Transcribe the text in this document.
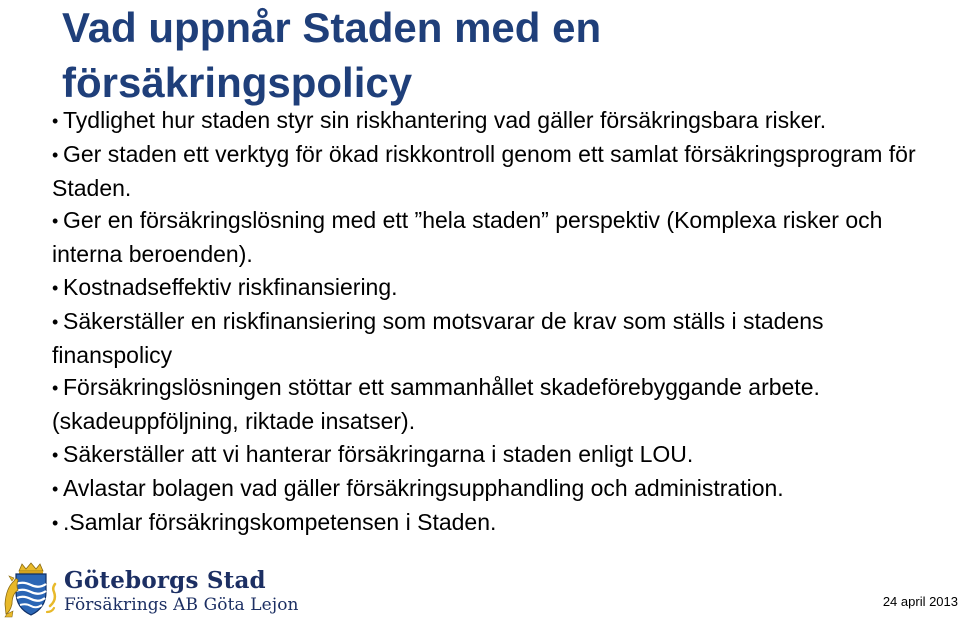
Vad uppnår Staden med en försäkringspolicy
• Tydlighet hur staden styr sin riskhantering vad gäller försäkringsbara risker.
• Ger staden ett verktyg för ökad riskkontroll genom ett samlat försäkringsprogram för Staden.
• Ger en försäkringslösning med ett ”hela staden” perspektiv (Komplexa risker och interna beroenden).
• Kostnadseffektiv riskfinansiering.
• Säkerställer en riskfinansiering som motsvarar de krav som ställs i stadens finanspolicy
• Försäkringslösningen stöttar ett sammanhållet skadeförebyggande arbete. (skadeuppföljning, riktade insatser).
• Säkerställer att vi hanterar försäkringarna i staden enligt LOU.
• Avlastar bolagen vad gäller försäkringsupphandling och administration.
• .Samlar försäkringskompetensen i Staden.
Göteborgs Stad
Försäkrings AB Göta Lejon	24 april 2013
